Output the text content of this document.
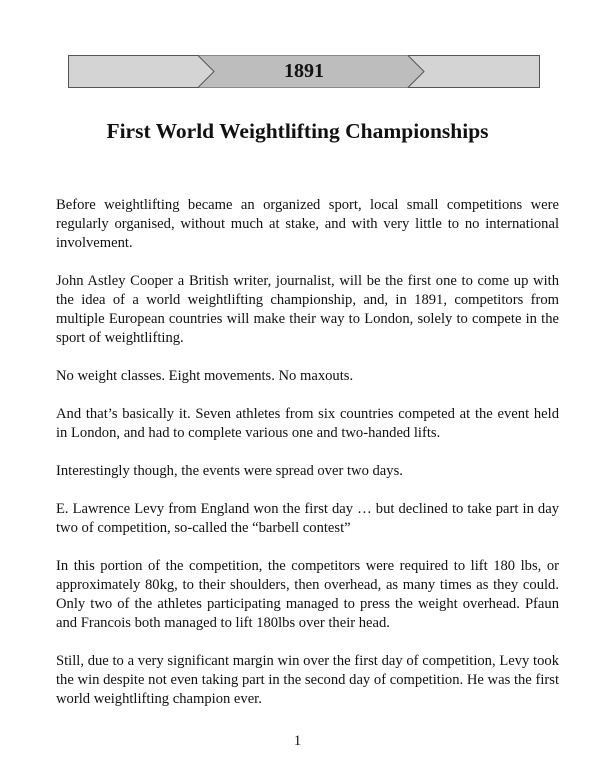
1891
First World Weightlifting Championships

Before weightlifting became an organized sport, local small competitions were regularly organised, without much at stake, and with very little to no international involvement.

John Astley Cooper a British writer, journalist, will be the first one to come up with the idea of a world weightlifting championship, and, in 1891, competitors from multiple European countries will make their way to London, solely to compete in the sport of weightlifting.

No weight classes. Eight movements. No maxouts.

And that’s basically it. Seven athletes from six countries competed at the event held in London, and had to complete various one and two-handed lifts.

Interestingly though, the events were spread over two days.

E. Lawrence Levy from England won the first day … but declined to take part in day two of competition, so-called the “barbell contest”

In this portion of the competition, the competitors were required to lift 180 lbs, or approximately 80kg, to their shoulders, then overhead, as many times as they could. Only two of the athletes participating managed to press the weight overhead. Pfaun and Francois both managed to lift 180lbs over their head.

Still, due to a very significant margin win over the first day of competition, Levy took the win despite not even taking part in the second day of competition. He was the first world weightlifting champion ever.

1
